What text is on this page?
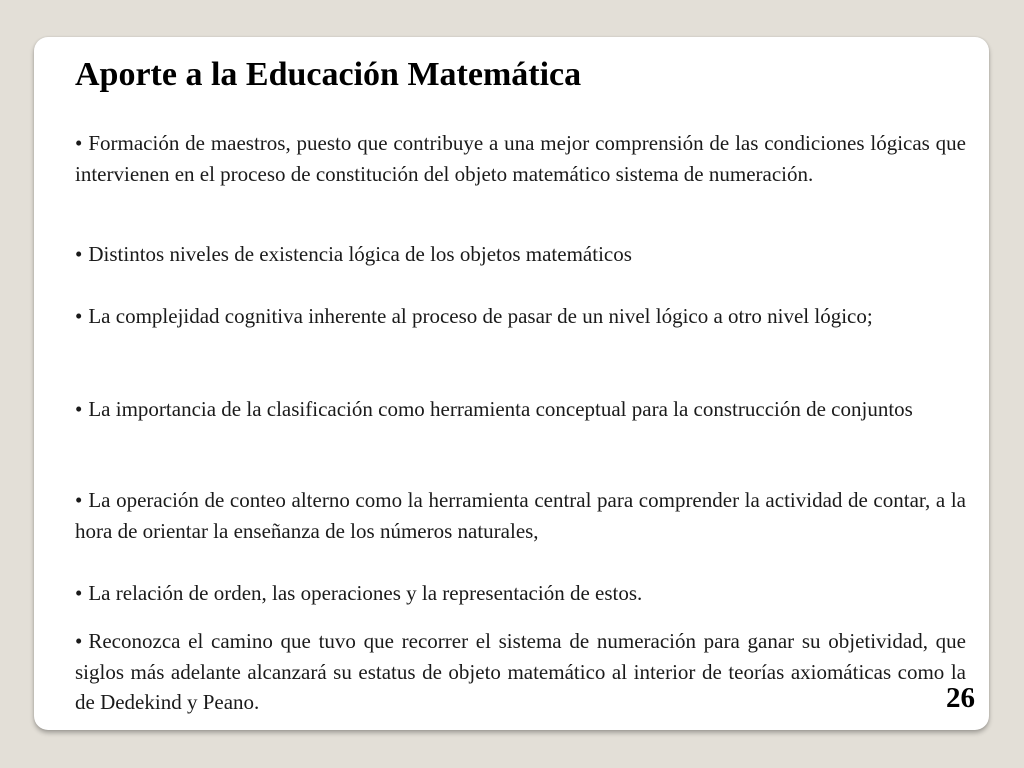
Aporte a la Educación Matemática

• Formación de maestros, puesto que contribuye a una mejor comprensión de las condiciones lógicas que intervienen en el proceso de constitución del objeto matemático sistema de numeración.

• Distintos niveles de existencia lógica de los objetos matemáticos

• La complejidad cognitiva inherente al proceso de pasar de un nivel lógico a otro nivel lógico;

• La importancia de la clasificación como herramienta conceptual para la construcción de conjuntos

• La operación de conteo alterno como la herramienta central para comprender la actividad de contar, a la hora de orientar la enseñanza de los números naturales,

• La relación de orden, las operaciones y la representación de estos.

• Reconozca el camino que tuvo que recorrer el sistema de numeración para ganar su objetividad, que siglos más adelante alcanzará su estatus de objeto matemático al interior de teorías axiomáticas como la de Dedekind y Peano.	26
